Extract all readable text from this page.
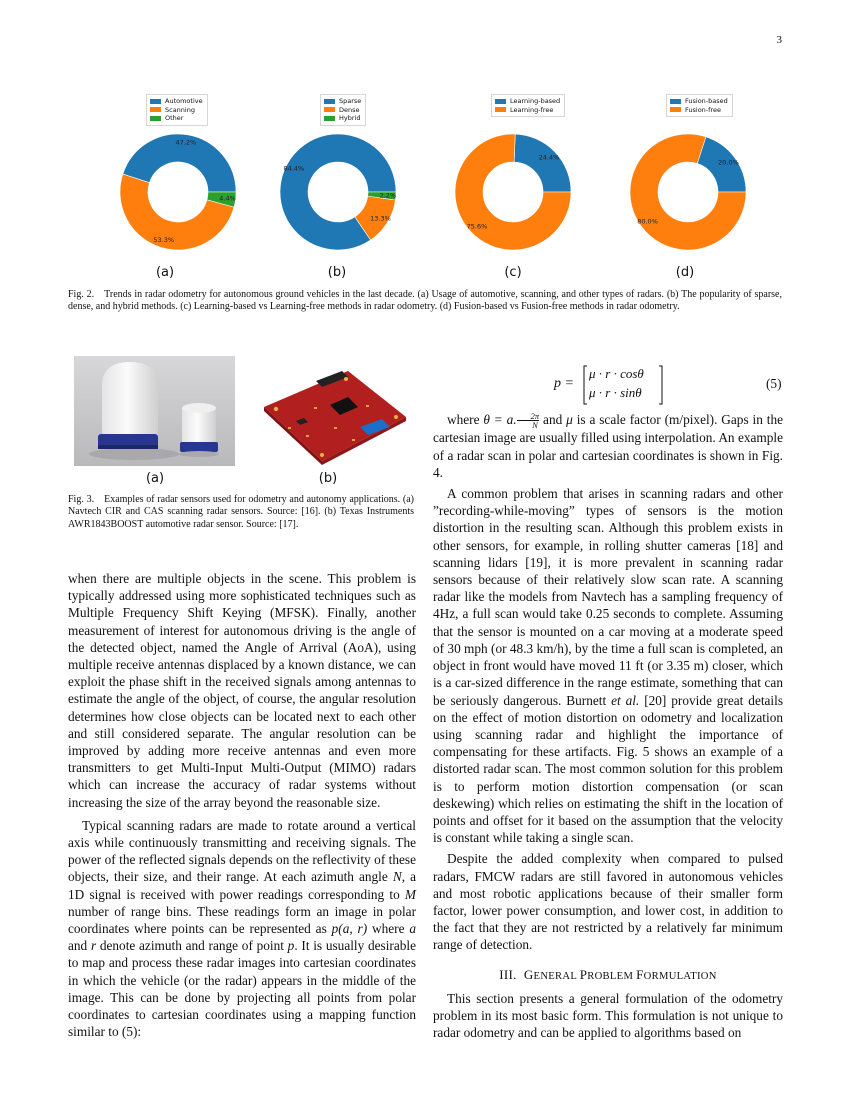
3
Automotive
Scanning
Other
47.2%
53.3%
4.4%
Sparse
Dense
Hybrid
84.4%
13.3%
2.2%
Learning-based
Learning-free
24.4%
75.6%
Fusion-based
Fusion-free
20.0%
80.0%
(a)	(b)	(c)	(d)
Fig. 2. Trends in radar odometry for autonomous ground vehicles in the last decade. (a) Usage of automotive, scanning, and other types of radars. (b) The popularity of sparse, dense, and hybrid methods. (c) Learning-based vs Learning-free methods in radar odometry. (d) Fusion-based vs Fusion-free methods in radar odometry.
(a)	(b)
Fig. 3. Examples of radar sensors used for odometry and autonomy applications. (a) Navtech CIR and CAS scanning radar sensors. Source: [16]. (b) Texas Instruments AWR1843BOOST automotive radar sensor. Source: [17].

when there are multiple objects in the scene. This problem is typically addressed using more sophisticated techniques such as Multiple Frequency Shift Keying (MFSK). Finally, another measurement of interest for autonomous driving is the angle of the detected object, named the Angle of Arrival (AoA), using multiple receive antennas displaced by a known distance, we can exploit the phase shift in the received signals among antennas to estimate the angle of the object, of course, the angular resolution determines how close objects can be located next to each other and still considered separate. The angular resolution can be improved by adding more receive antennas and even more transmitters to get Multi-Input Multi-Output (MIMO) radars which can increase the accuracy of radar systems without increasing the size of the array beyond the reasonable size.

Typical scanning radars are made to rotate around a vertical axis while continuously transmitting and receiving signals. The power of the reflected signals depends on the reflectivity of these objects, their size, and their range. At each azimuth angle N, a 1D signal is received with power readings corresponding to M number of range bins. These readings form an image in polar coordinates where points can be represented as p(a, r) where a and r denote azimuth and range of point p. It is usually desirable to map and process these radar images into cartesian coordinates in which the vehicle (or the radar) appears in the middle of the image. This can be done by projecting all points from polar coordinates to cartesian coordinates using a mapping function similar to (5):

p =
μ · r · cosθ
μ · r · sinθ
(5)

where θ = a. $\frac{2\pi}{N}$ and μ is a scale factor (m/pixel). Gaps in the cartesian image are usually filled using interpolation. An example of a radar scan in polar and cartesian coordinates is shown in Fig. 4.

A common problem that arises in scanning radars and other ”recording-while-moving” types of sensors is the motion distortion in the resulting scan. Although this problem exists in other sensors, for example, in rolling shutter cameras [18] and scanning lidars [19], it is more prevalent in scanning radar sensors because of their relatively slow scan rate. A scanning radar like the models from Navtech has a sampling frequency of 4Hz, a full scan would take 0.25 seconds to complete. Assuming that the sensor is mounted on a car moving at a moderate speed of 30 mph (or 48.3 km/h), by the time a full scan is completed, an object in front would have moved 11 ft (or 3.35 m) closer, which is a car-sized difference in the range estimate, something that can be seriously dangerous. Burnett et al. [20] provide great details on the effect of motion distortion on odometry and localization using scanning radar and highlight the importance of compensating for these artifacts. Fig. 5 shows an example of a distorted radar scan. The most common solution for this problem is to perform motion distortion compensation (or scan deskewing) which relies on estimating the shift in the location of points and offset for it based on the assumption that the velocity is constant while taking a single scan.

Despite the added complexity when compared to pulsed radars, FMCW radars are still favored in autonomous vehicles and most robotic applications because of their smaller form factor, lower power consumption, and lower cost, in addition to the fact that they are not restricted by a relatively far minimum range of detection.

III. GENERAL PROBLEM FORMULATION

This section presents a general formulation of the odometry problem in its most basic form. This formulation is not unique to radar odometry and can be applied to algorithms based on
